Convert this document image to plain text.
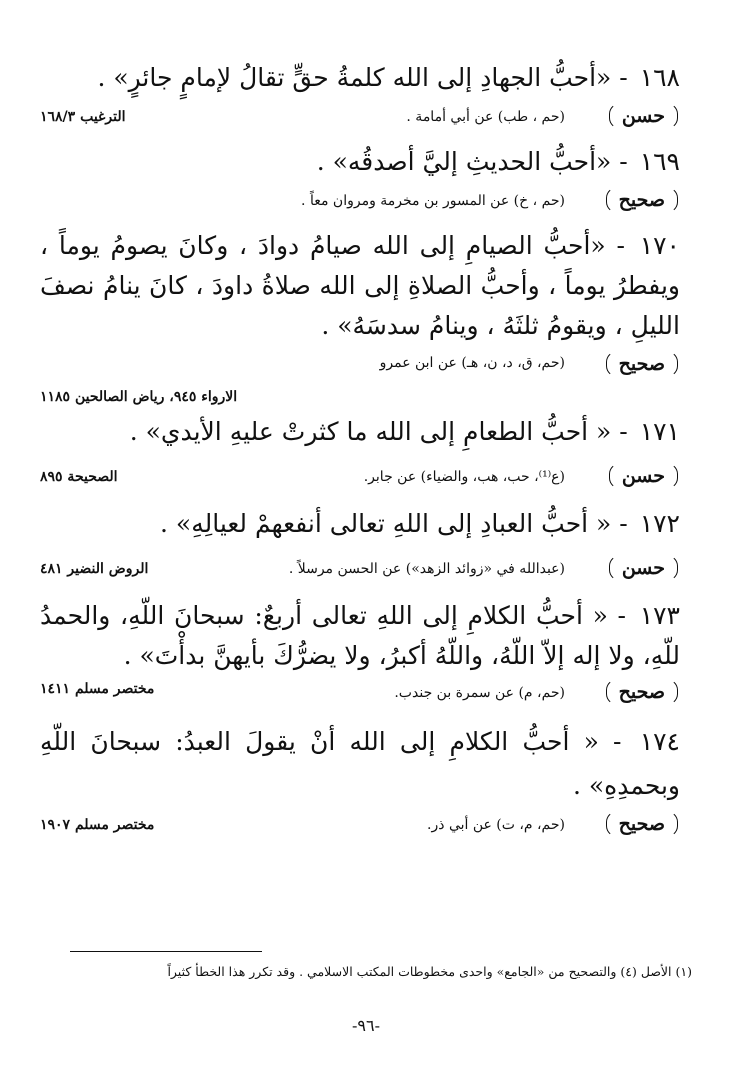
١٦٨ - «أحبُّ الجهادِ إلى الله كلمةُ حقٍّ تقالُ لإمامٍ جائرٍ» .

حسن
(حم ، طب) عن أبي أمامة .
الترغيب ١٦٨/٣

١٦٩ - «أحبُّ الحديثِ إليَّ أصدقُه» .

صحيح
(حم ، خ) عن المسور بن مخرمة ومروان معاً .

١٧٠ - «أحبُّ الصيامِ إلى الله صيامُ دوادَ ، وكانَ يصومُ يوماً ، ويفطرُ يوماً ، وأحبُّ الصلاةِ إلى الله صلاةُ داودَ ، كانَ ينامُ نصفَ الليلِ ، ويقومُ ثلثَهُ ، وينامُ سدسَهُ» .

صحيح
(حم، ق، د، ن، هـ) عن ابن عمرو

الارواء ٩٤٥، رياض الصالحين ١١٨٥

١٧١ - « أحبُّ الطعامِ إلى الله ما كثرتْ عليهِ الأيدي» .

حسن
(ع⁽¹⁾، حب، هب، والضياء) عن جابر.
الصحيحة ٨٩٥

١٧٢ - « أحبُّ العبادِ إلى اللهِ تعالى أنفعهمْ لعيالِهِ» .

حسن
(عبدالله في «زوائد الزهد») عن الحسن مرسلاً .
الروض النضير ٤٨١

١٧٣ - « أحبُّ الكلامِ إلى اللهِ تعالى أربعٌ: سبحانَ اللّهِ، والحمدُ للّهِ، ولا إله إلاّ اللّهُ، واللّهُ أكبرُ، ولا يضرُّكَ بأيهنَّ بدأْتَ» .

صحيح
(حم، م) عن سمرة بن جندب.
مختصر مسلم ١٤١١

١٧٤ - « أحبُّ الكلامِ إلى الله أنْ يقولَ العبدُ: سبحانَ اللّهِ وبحمدِهِ» .

صحيح
(حم، م، ت) عن أبي ذر.
مختصر مسلم ١٩٠٧
(١) الأصل (٤) والتصحيح من «الجامع» واحدى مخطوطات المكتب الاسلامي . وقد تكرر هذا الخطأ كثيراً
-٩٦-
